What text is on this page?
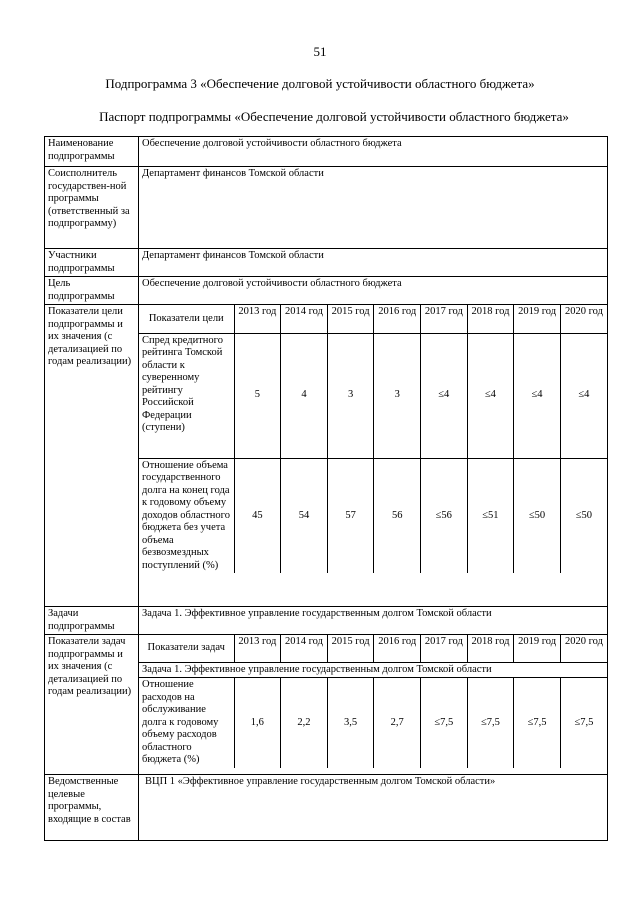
51
Подпрограмма 3 «Обеспечение долговой устойчивости областного бюджета»
Паспорт подпрограммы «Обеспечение долговой устойчивости областного бюджета»
Наименование подпрограммы	Обеспечение долговой устойчивости областного бюджета
Соисполнитель государствен-ной программы (ответственный за подпрограмму)	Департамент финансов Томской области
Участники подпрограммы	Департамент финансов Томской области
Цель подпрограммы	Обеспечение долговой устойчивости областного бюджета
Показатели цели подпрограммы и их значения (с детализацией по годам реализации)	
Показатели цели	2013 год	2014 год	2015 год	2016 год	2017 год	2018 год	2019 год	2020 год
Спред кредитного рейтинга Томской области к суверенному рейтингу Российской Федерации (ступени)	5	4	3	3	≤4	≤4	≤4	≤4
Отношение объема государственного долга на конец года к годовому объему доходов областного бюджета без учета объема безвозмездных поступлений (%)	45	54	57	56	≤56	≤51	≤50	≤50

Задачи подпрограммы	Задача 1. Эффективное управление государственным долгом Томской области
Показатели задач подпрограммы и их значения (с детализацией по годам реализации)	
Показатели задач	2013 год	2014 год	2015 год	2016 год	2017 год	2018 год	2019 год	2020 год
Задача 1. Эффективное управление государственным долгом Томской области
Отношение расходов на обслуживание долга к годовому объему расходов областного бюджета (%)	1,6	2,2	3,5	2,7	≤7,5	≤7,5	≤7,5	≤7,5

Ведомственные целевые программы, входящие в состав	ВЦП 1 «Эффективное управление государственным долгом Томской области»
